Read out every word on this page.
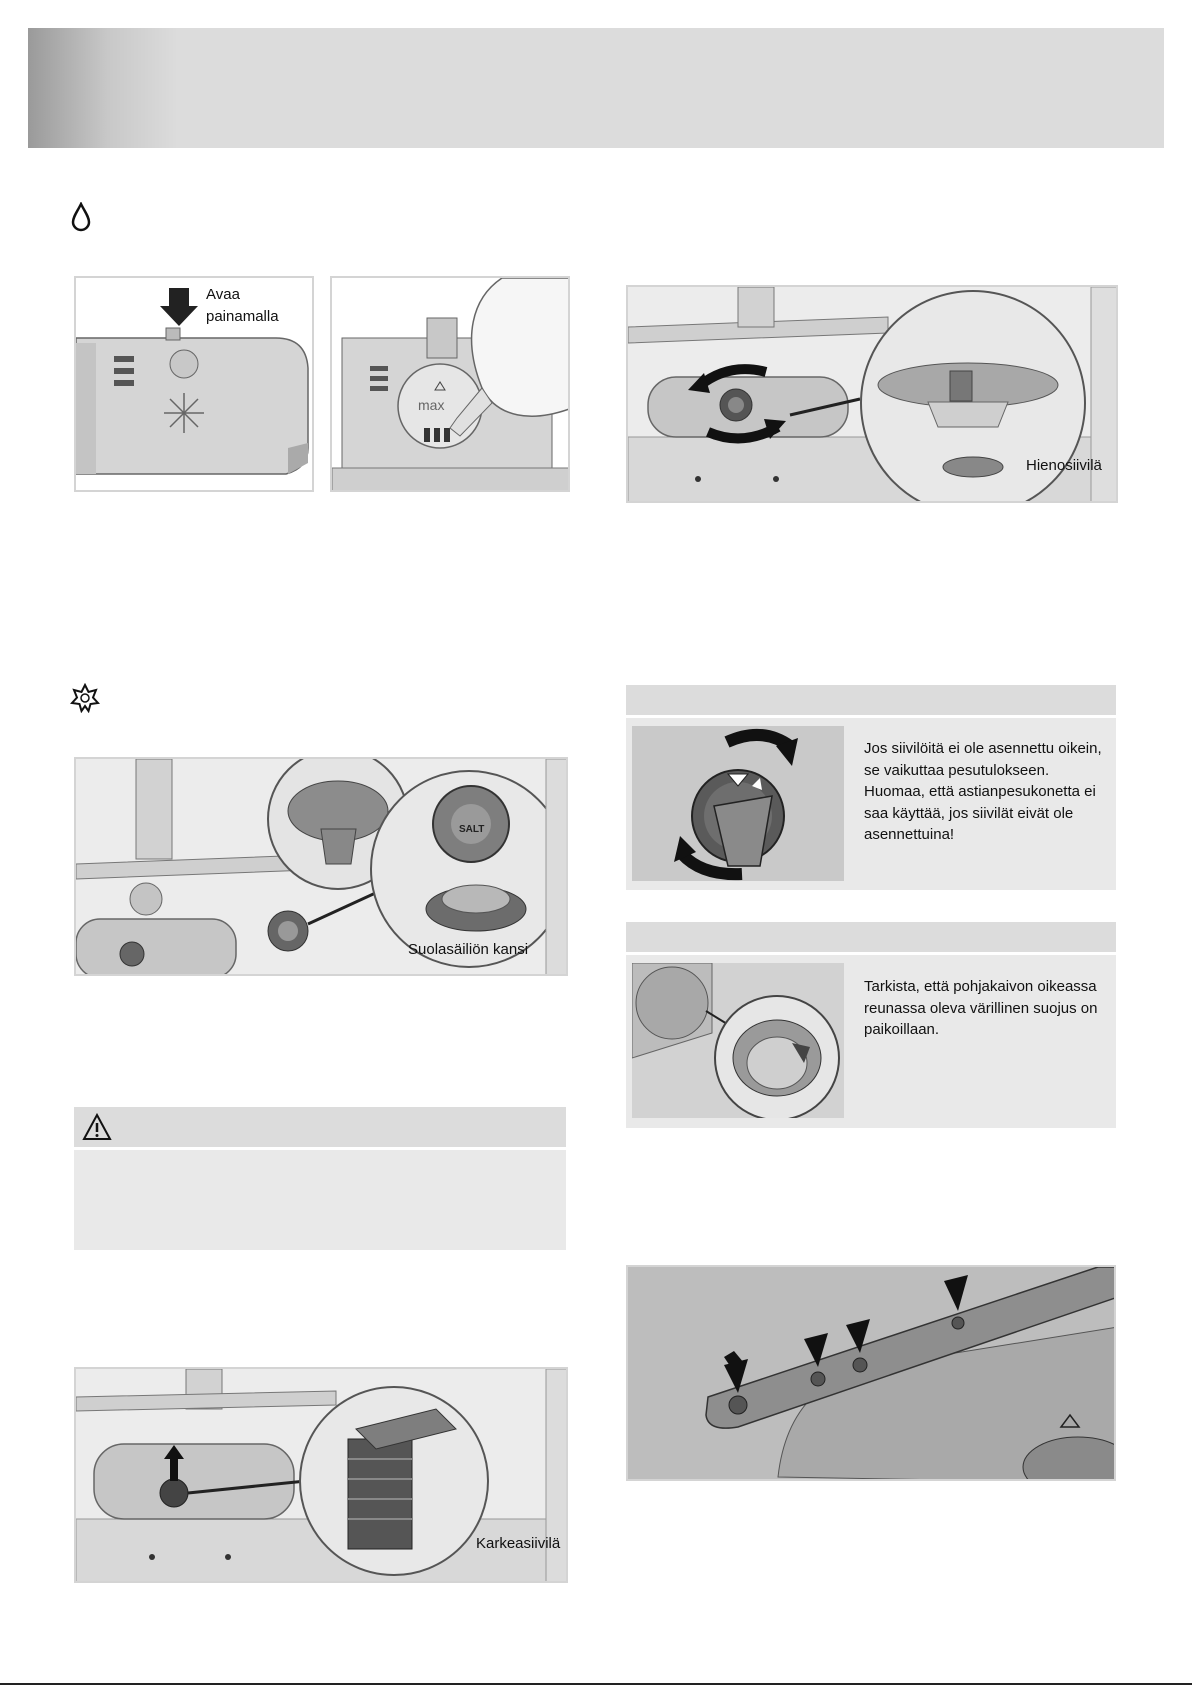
Avaa
painamalla
max
Hienosiivilä
SALT
Suolasäiliön kansi
Karkeasiivilä
Jos siivilöitä ei ole asennettu oikein, se vaikuttaa pesutulokseen. Huomaa, että astianpesukonetta ei saa käyttää, jos siivilät eivät ole asennettuina!
Tarkista, että pohjakaivon oikeassa reunassa oleva värillinen suojus on paikoillaan.
